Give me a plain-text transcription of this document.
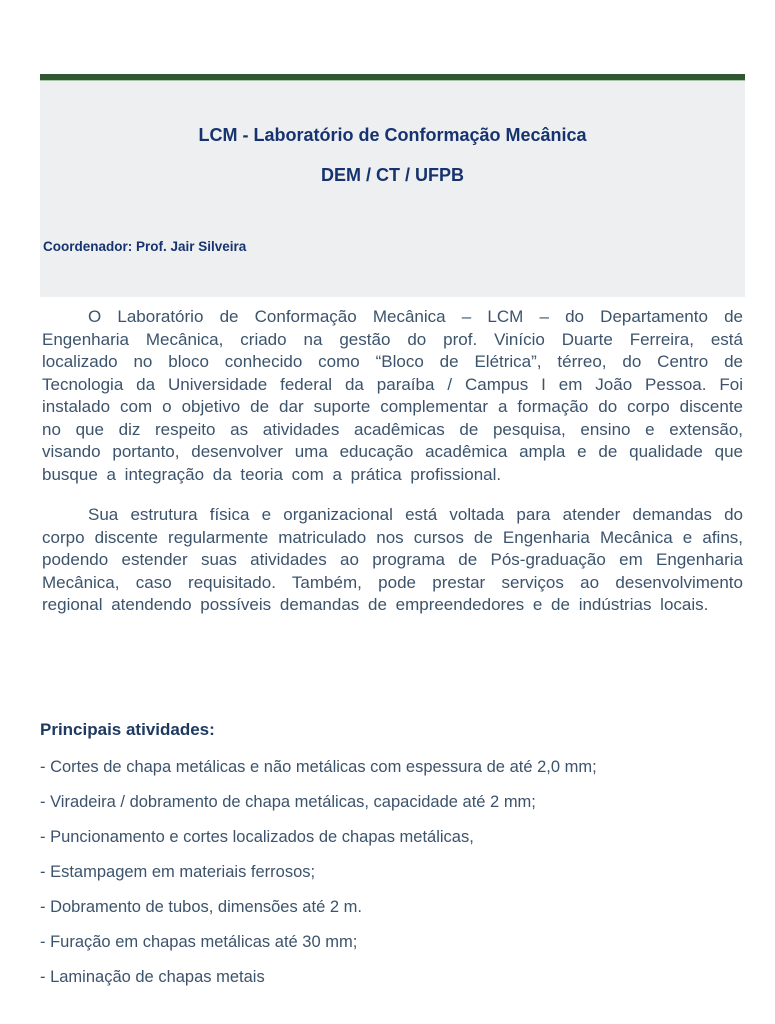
LCM - Laboratório de Conformação Mecânica
DEM / CT / UFPB
Coordenador: Prof. Jair Silveira

O Laboratório de Conformação Mecânica – LCM – do Departamento de Engenharia Mecânica, criado na gestão do prof. Vinício Duarte Ferreira, está localizado no bloco conhecido como “Bloco de Elétrica”, térreo, do Centro de Tecnologia da Universidade federal da paraíba / Campus I em João Pessoa. Foi instalado com o objetivo de dar suporte complementar a formação do corpo discente no que diz respeito as atividades acadêmicas de pesquisa, ensino e extensão, visando portanto, desenvolver uma educação acadêmica ampla e de qualidade que busque a integração da teoria com a prática profissional.

Sua estrutura física e organizacional está voltada para atender demandas do corpo discente regularmente matriculado nos cursos de Engenharia Mecânica e afins, podendo estender suas atividades ao programa de Pós-graduação em Engenharia Mecânica, caso requisitado. Também, pode prestar serviços ao desenvolvimento regional atendendo possíveis demandas de empreendedores e de indústrias locais.

Principais atividades:
- Cortes de chapa metálicas e não metálicas com espessura de até 2,0 mm;
- Viradeira / dobramento de chapa metálicas, capacidade até 2 mm;
- Puncionamento e cortes localizados de chapas metálicas,
- Estampagem em materiais ferrosos;
- Dobramento de tubos, dimensões até 2 m.
- Furação em chapas metálicas até 30 mm;
- Laminação de chapas metais
